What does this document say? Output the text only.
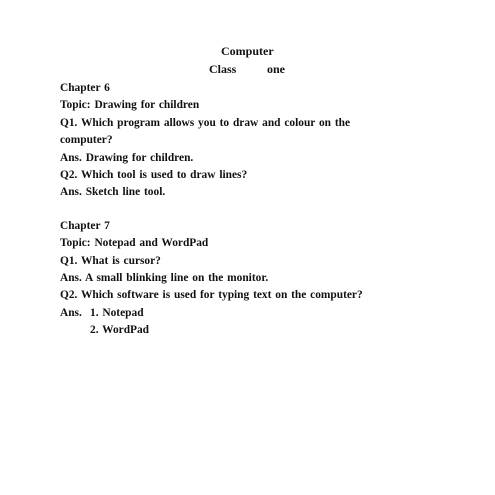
Computer
Class	one
Chapter 6
Topic: Drawing for children
Q1. Which program allows you to draw and colour on the
computer?
Ans. Drawing for children.
Q2. Which tool is used to draw lines?
Ans. Sketch line tool.
Chapter 7
Topic: Notepad and WordPad
Q1. What is cursor?
Ans. A small blinking line on the monitor.
Q2. Which software is used for typing text on the computer?
Ans. 1. Notepad
2. WordPad
